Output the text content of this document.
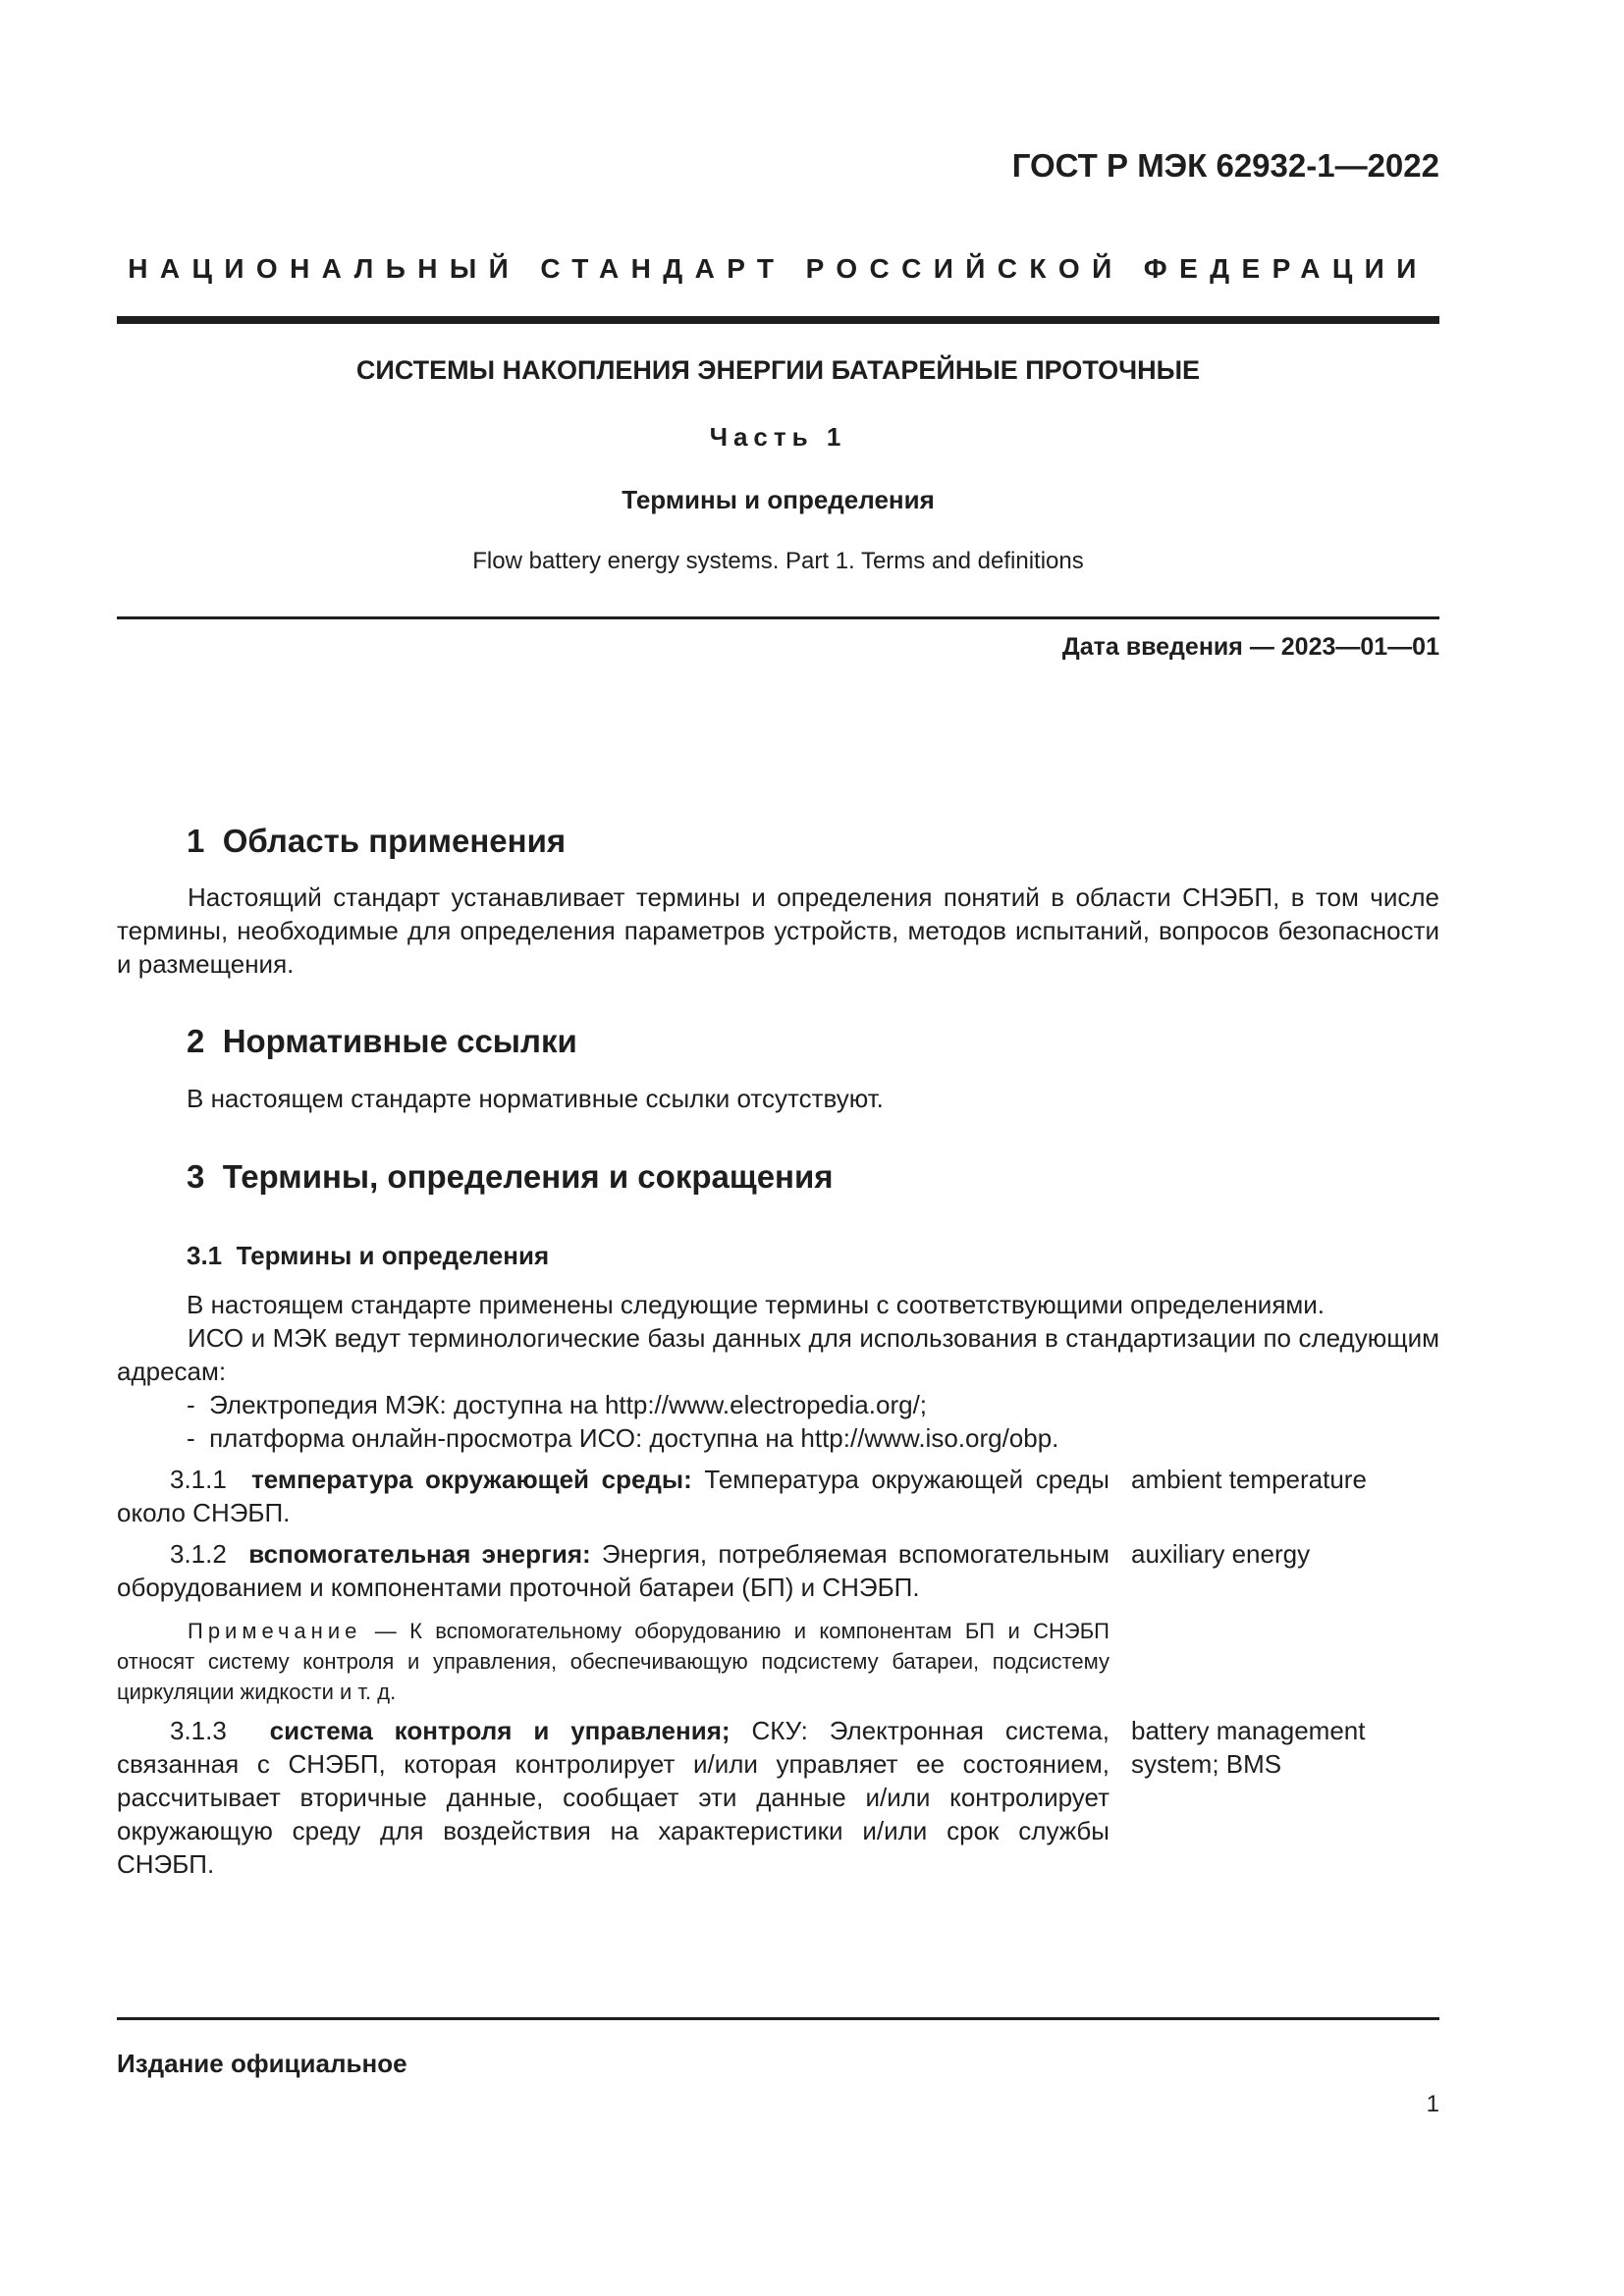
ГОСТ Р МЭК 62932-1—2022
НАЦИОНАЛЬНЫЙ СТАНДАРТ РОССИЙСКОЙ ФЕДЕРАЦИИ
СИСТЕМЫ НАКОПЛЕНИЯ ЭНЕРГИИ БАТАРЕЙНЫЕ ПРОТОЧНЫЕ
Часть 1
Термины и определения
Flow battery energy systems. Part 1. Terms and definitions
Дата введения — 2023—01—01
1  Область применения
Настоящий стандарт устанавливает термины и определения понятий в области СНЭБП, в том числе термины, необходимые для определения параметров устройств, методов испытаний, вопросов безопасности и размещения.
2  Нормативные ссылки
В настоящем стандарте нормативные ссылки отсутствуют.
3  Термины, определения и сокращения
3.1  Термины и определения
В настоящем стандарте применены следующие термины с соответствующими определениями.
ИСО и МЭК ведут терминологические базы данных для использования в стандартизации по следующим адресам:
-  Электропедия МЭК: доступна на http://www.electropedia.org/;
-  платформа онлайн-просмотра ИСО: доступна на http://www.iso.org/obp.
3.1.1 температура окружающей среды: Температура окружающей среды около СНЭБП.
ambient temperature
3.1.2 вспомогательная энергия: Энергия, потребляемая вспомогательным оборудованием и компонентами проточной батареи (БП) и СНЭБП.
auxiliary energy
Примечание — К вспомогательному оборудованию и компонентам БП и СНЭБП относят систему контроля и управления, обеспечивающую подсистему батареи, подсистему циркуляции жидкости и т. д.
3.1.3 система контроля и управления; СКУ: Электронная система, связанная с СНЭБП, которая контролирует и/или управляет ее состоянием, рассчитывает вторичные данные, сообщает эти данные и/или контролирует окружающую среду для воздействия на характеристики и/или срок службы СНЭБП.
battery management system; BMS
Издание официальное
1
